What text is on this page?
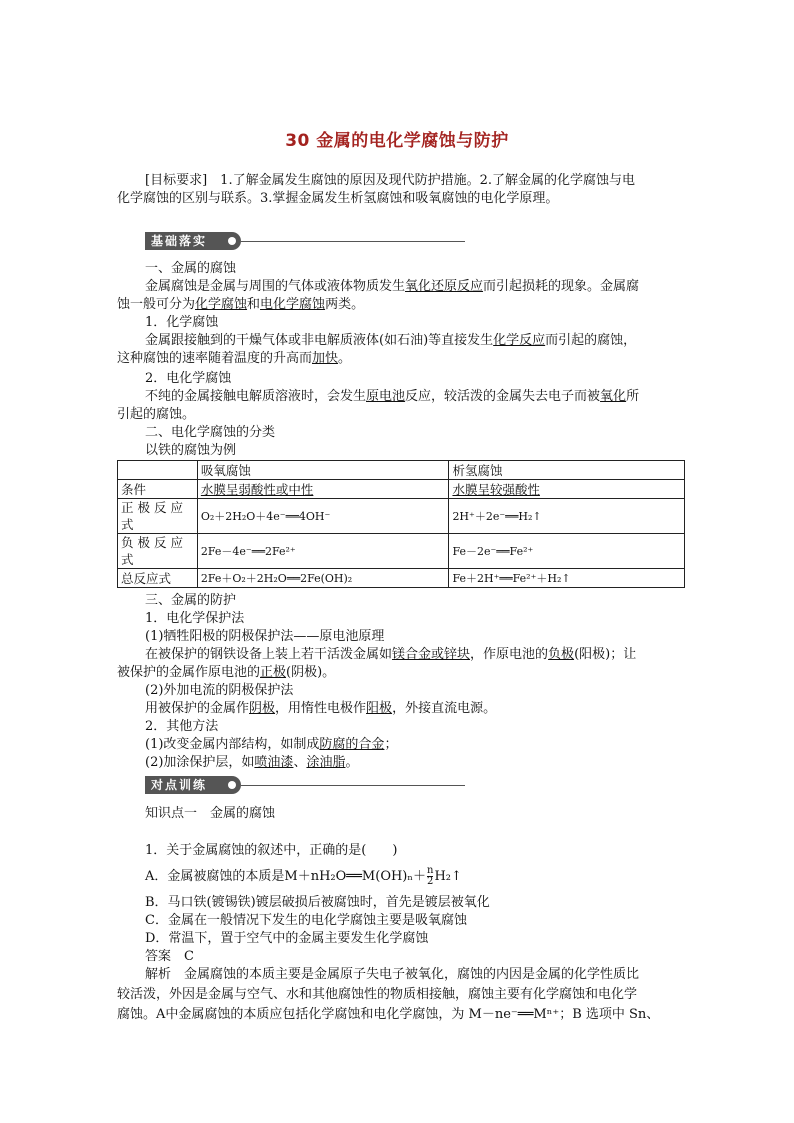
30 金属的电化学腐蚀与防护
[目标要求]　 1.了解金属发生腐蚀的原因及现代防护措施。2.了解金属的化学腐蚀与电
化学腐蚀的区别与联系。3.掌握金属发生析氢腐蚀和吸氧腐蚀的电化学原理。
基础落实
一、金属的腐蚀
金属腐蚀是金属与周围的气体或液体物质发生氧化还原反应而引起损耗的现象。金属腐
蚀一般可分为化学腐蚀和电化学腐蚀两类。
1．化学腐蚀
金属跟接触到的干燥气体或非电解质液体(如石油)等直接发生化学反应而引起的腐蚀，
这种腐蚀的速率随着温度的升高而加快。
2．电化学腐蚀
不纯的金属接触电解质溶液时，会发生原电池反应，较活泼的金属失去电子而被氧化所
引起的腐蚀。
二、电化学腐蚀的分类
以铁的腐蚀为例
	吸氧腐蚀	析氢腐蚀
条件	水膜呈弱酸性或中性	水膜呈较强酸性
正极反应式	O₂＋2H₂O＋4e⁻══4OH⁻	2H⁺＋2e⁻══H₂↑
负极反应式	2Fe－4e⁻══2Fe²⁺	Fe－2e⁻══Fe²⁺
总反应式	2Fe＋O₂＋2H₂O══2Fe(OH)₂	Fe＋2H⁺══Fe²⁺＋H₂↑
三、金属的防护
1．电化学保护法
(1)牺牲阳极的阴极保护法——原电池原理
在被保护的钢铁设备上装上若干活泼金属如镁合金或锌块，作原电池的负极(阳极)；让
被保护的金属作原电池的正极(阴极)。
(2)外加电流的阴极保护法
用被保护的金属作阴极，用惰性电极作阳极，外接直流电源。
2．其他方法
(1)改变金属内部结构，如制成防腐的合金；
(2)加涂保护层，如喷油漆、涂油脂。
对点训练
知识点一　金属的腐蚀
1．关于金属腐蚀的叙述中，正确的是(　　)
A．金属被腐蚀的本质是M＋nH₂O══M(OH)ₙ＋ $\frac{n}{2}$ H₂↑
B．马口铁(镀锡铁)镀层破损后被腐蚀时，首先是镀层被氧化
C．金属在一般情况下发生的电化学腐蚀主要是吸氧腐蚀
D．常温下，置于空气中的金属主要发生化学腐蚀
答案　C
解析　金属腐蚀的本质主要是金属原子失电子被氧化，腐蚀的内因是金属的化学性质比
较活泼，外因是金属与空气、水和其他腐蚀性的物质相接触，腐蚀主要有化学腐蚀和电化学
腐蚀。A中金属腐蚀的本质应包括化学腐蚀和电化学腐蚀，为 M－ne⁻══Mⁿ⁺；B 选项中 Sn、
